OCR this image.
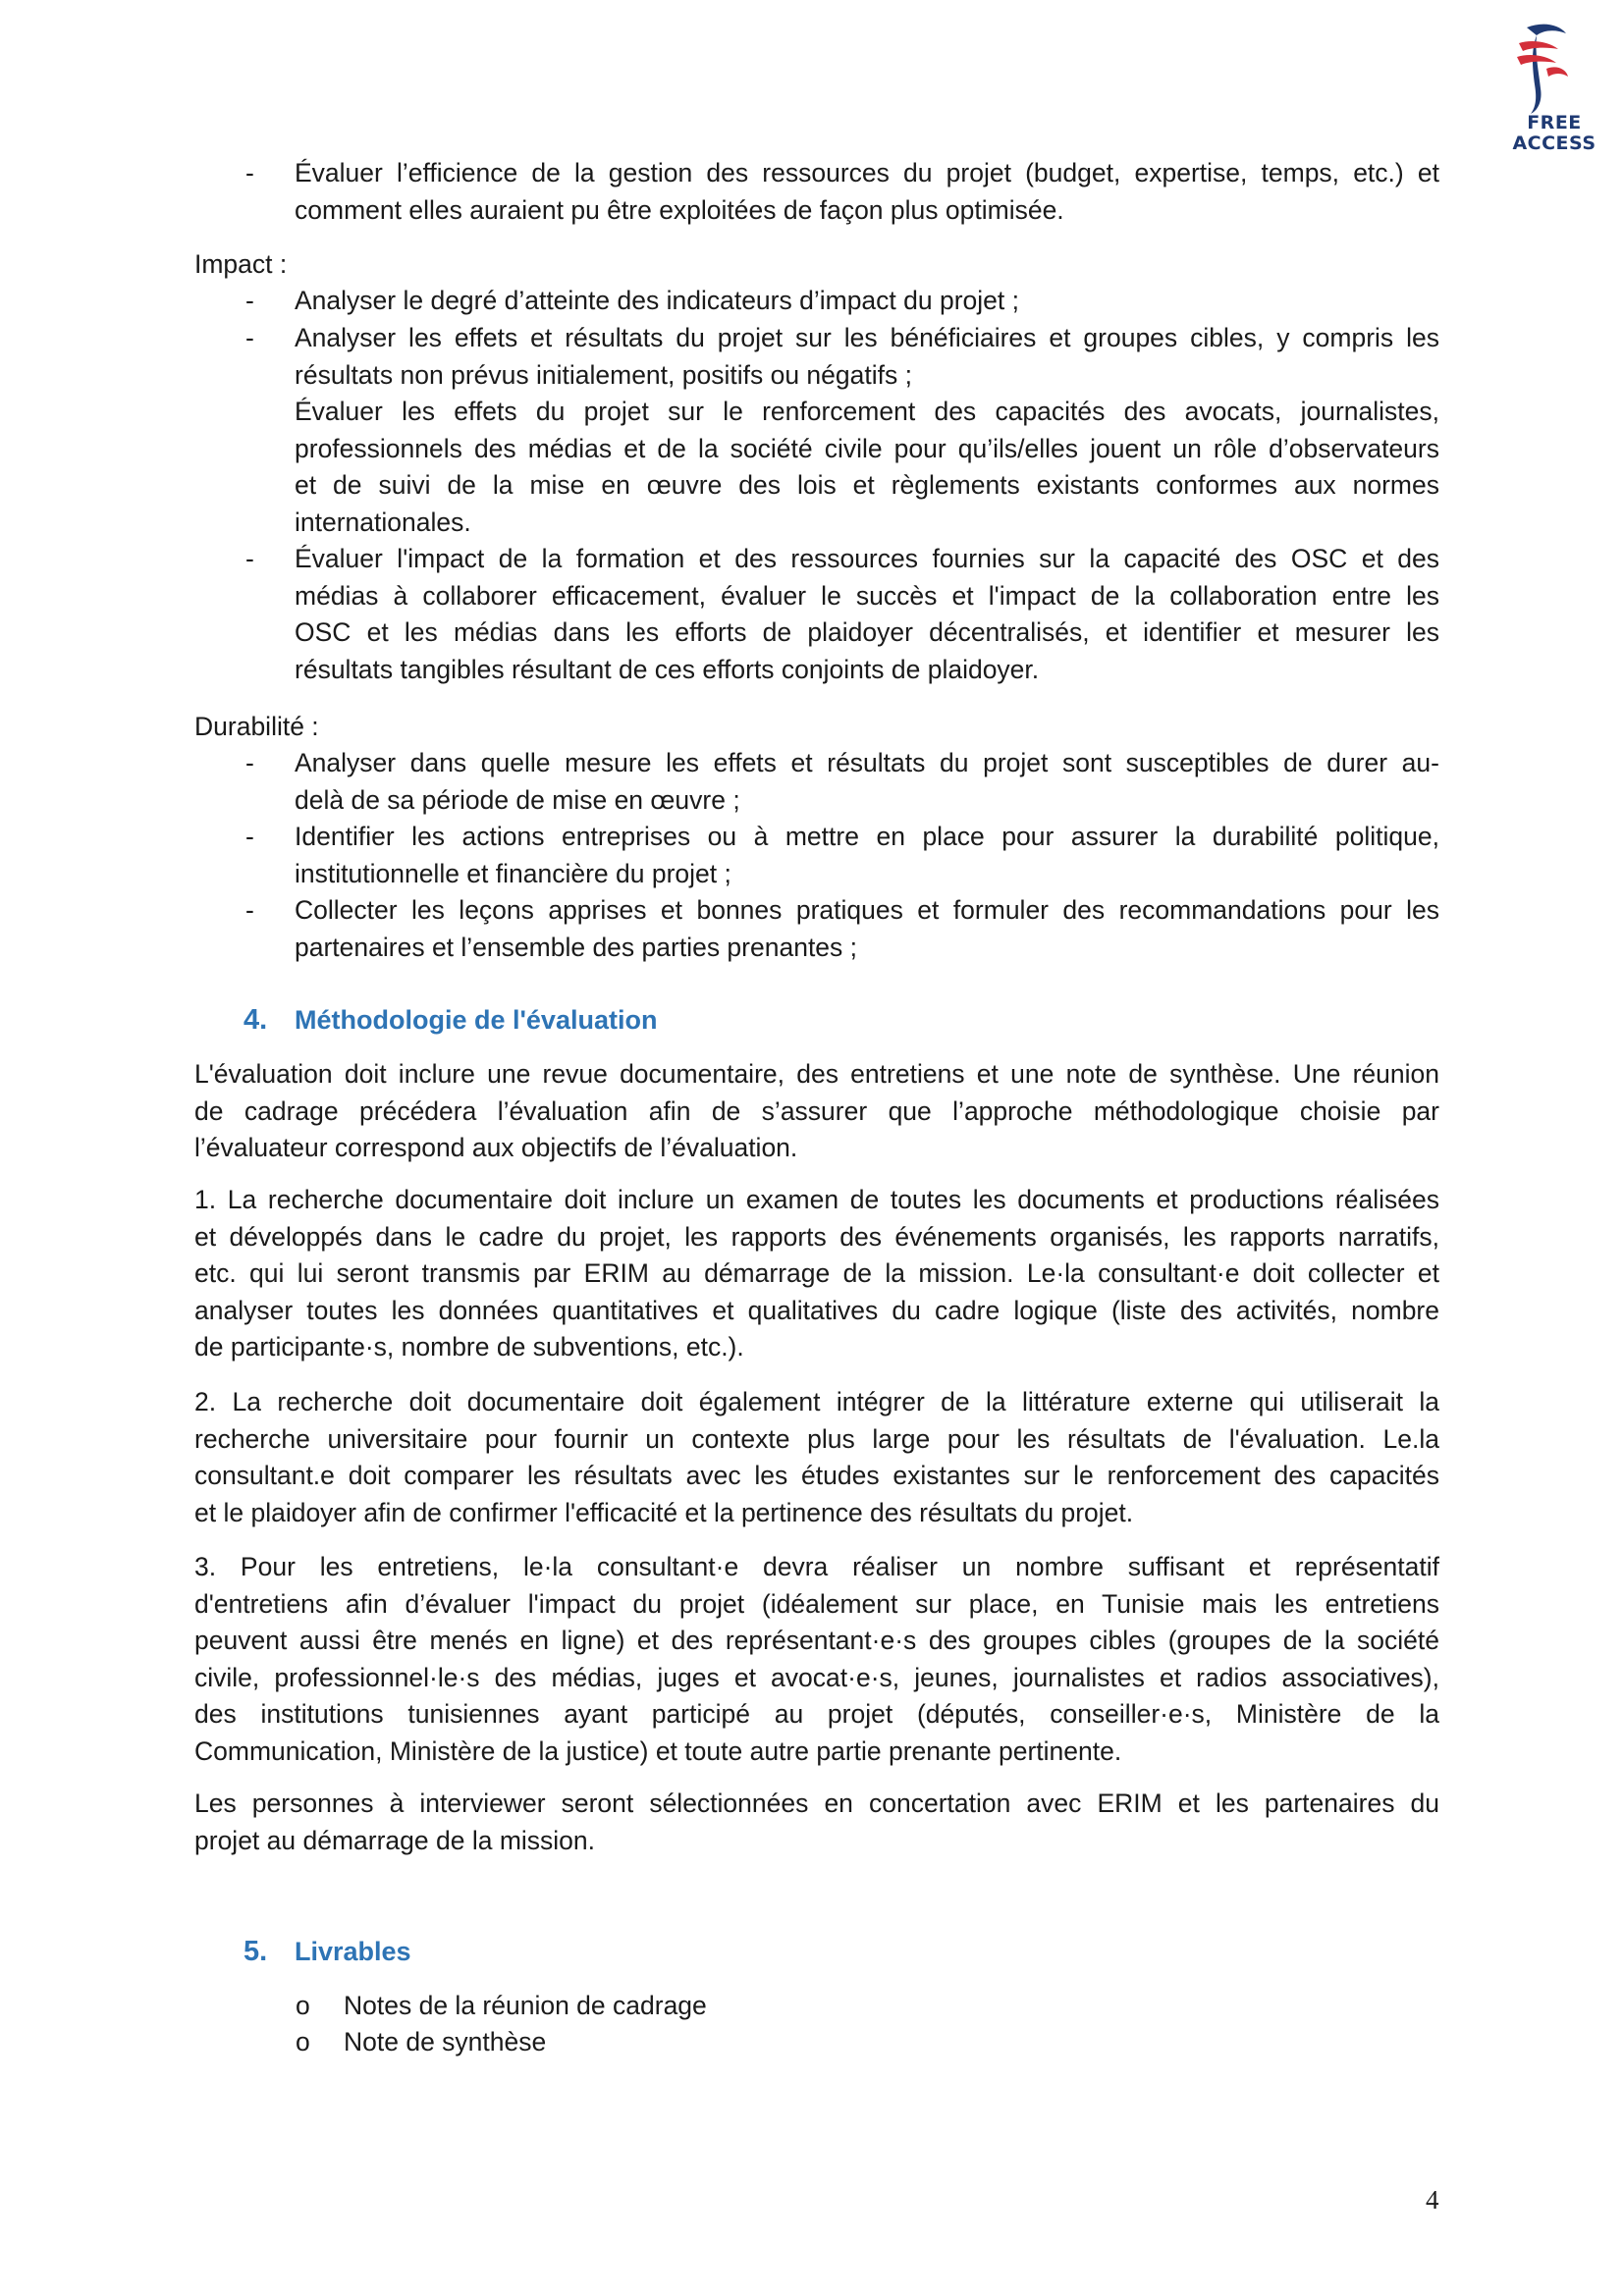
FREE
ACCESS
-	Évaluer l’efficience de la gestion des ressources du projet (budget, expertise, temps, etc.) et
comment elles auraient pu être exploitées de façon plus optimisée.
Impact :
-	Analyser le degré d’atteinte des indicateurs d’impact du projet ;
-	Analyser les effets et résultats du projet sur les bénéficiaires et groupes cibles, y compris les
résultats non prévus initialement, positifs ou négatifs ;
Évaluer les effets du projet sur le renforcement des capacités des avocats, journalistes,
professionnels des médias et de la société civile pour qu’ils/elles jouent un rôle d’observateurs
et de suivi de la mise en œuvre des lois et règlements existants conformes aux normes
internationales.
-	Évaluer l'impact de la formation et des ressources fournies sur la capacité des OSC et des
médias à collaborer efficacement, évaluer le succès et l'impact de la collaboration entre les
OSC et les médias dans les efforts de plaidoyer décentralisés, et identifier et mesurer les
résultats tangibles résultant de ces efforts conjoints de plaidoyer.
Durabilité :
-	Analyser dans quelle mesure les effets et résultats du projet sont susceptibles de durer au-
delà de sa période de mise en œuvre ;
-	Identifier les actions entreprises ou à mettre en place pour assurer la durabilité politique,
institutionnelle et financière du projet ;
-	Collecter les leçons apprises et bonnes pratiques et formuler des recommandations pour les
partenaires et l’ensemble des parties prenantes ;
4. Méthodologie de l'évaluation
L'évaluation doit inclure une revue documentaire, des entretiens et une note de synthèse. Une réunion
de cadrage précédera l’évaluation afin de s’assurer que l’approche méthodologique choisie par
l’évaluateur correspond aux objectifs de l’évaluation.
1. La recherche documentaire doit inclure un examen de toutes les documents et productions réalisées
et développés dans le cadre du projet, les rapports des événements organisés, les rapports narratifs,
etc. qui lui seront transmis par ERIM au démarrage de la mission. Le·la consultant·e doit collecter et
analyser toutes les données quantitatives et qualitatives du cadre logique (liste des activités, nombre
de participante·s, nombre de subventions, etc.).
2. La recherche doit documentaire doit également intégrer de la littérature externe qui utiliserait la
recherche universitaire pour fournir un contexte plus large pour les résultats de l'évaluation. Le.la
consultant.e doit comparer les résultats avec les études existantes sur le renforcement des capacités
et le plaidoyer afin de confirmer l'efficacité et la pertinence des résultats du projet.
3. Pour les entretiens, le·la consultant·e devra réaliser un nombre suffisant et représentatif
d'entretiens afin d’évaluer l'impact du projet (idéalement sur place, en Tunisie mais les entretiens
peuvent aussi être menés en ligne) et des représentant·e·s des groupes cibles (groupes de la société
civile, professionnel·le·s des médias, juges et avocat·e·s, jeunes, journalistes et radios associatives),
des institutions tunisiennes ayant participé au projet (députés, conseiller·e·s, Ministère de la
Communication, Ministère de la justice) et toute autre partie prenante pertinente.
Les personnes à interviewer seront sélectionnées en concertation avec ERIM et les partenaires du
projet au démarrage de la mission.
5. Livrables
o Notes de la réunion de cadrage
o Note de synthèse
4
